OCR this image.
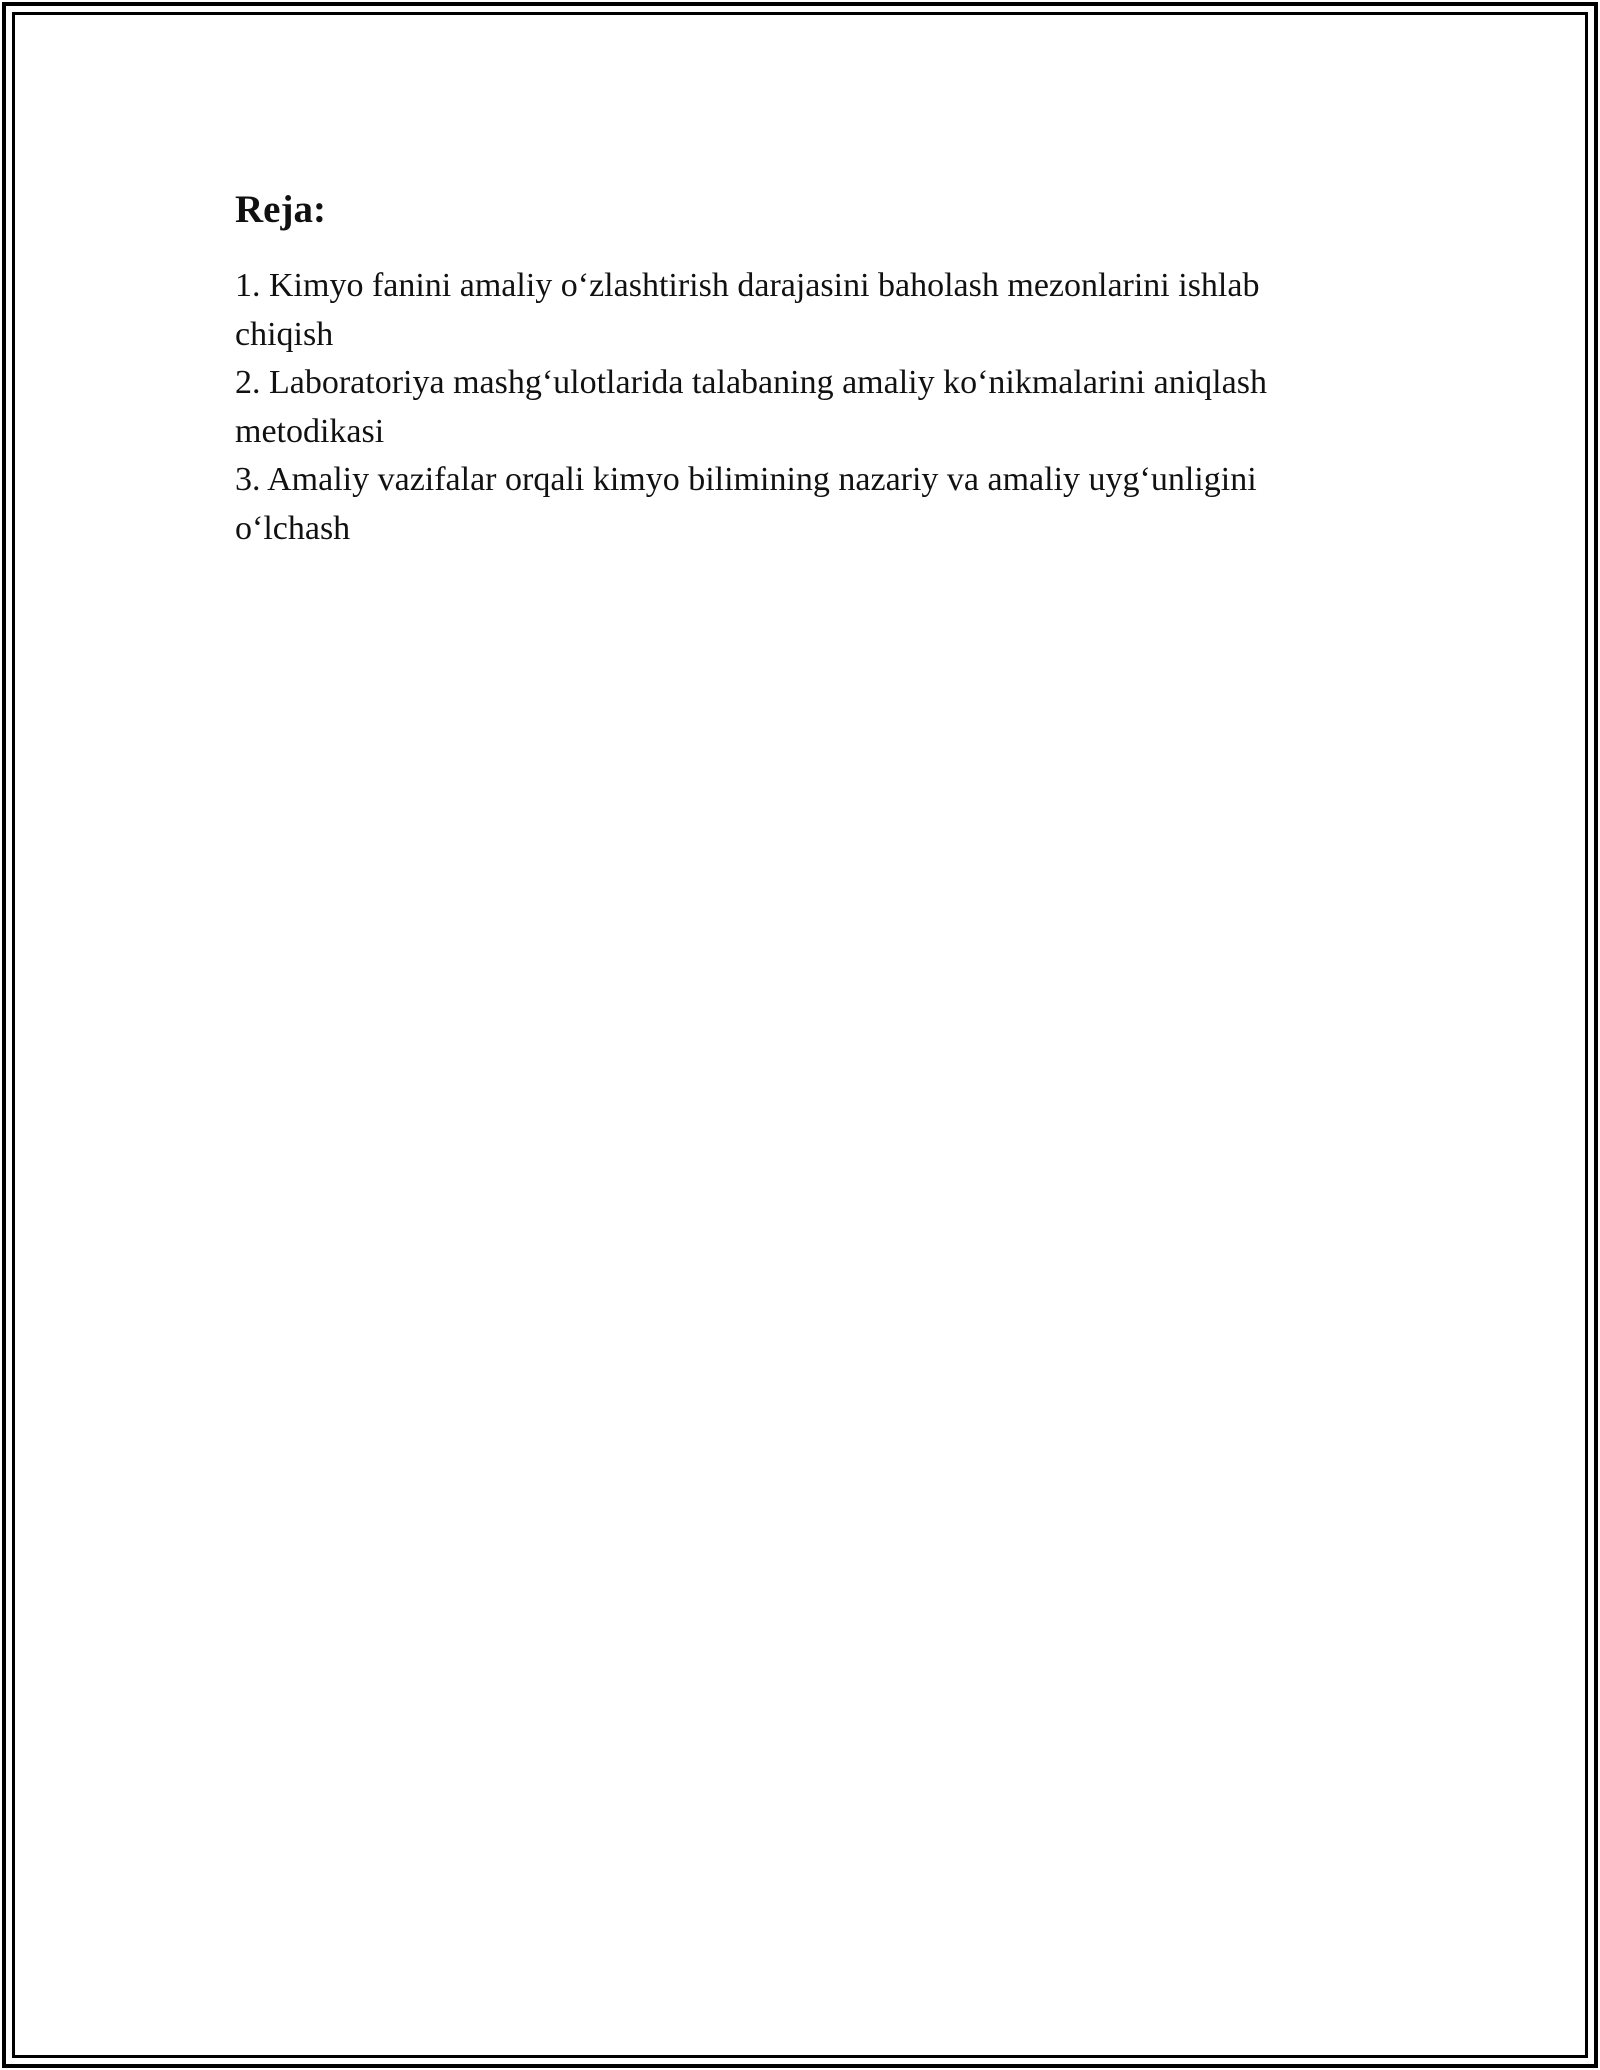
Reja:
1. Kimyo fanini amaliy o‘zlashtirish darajasini baholash mezonlarini ishlab chiqish
2. Laboratoriya mashg‘ulotlarida talabaning amaliy ko‘nikmalarini aniqlash metodikasi
3. Amaliy vazifalar orqali kimyo bilimining nazariy va amaliy uyg‘unligini o‘lchash
